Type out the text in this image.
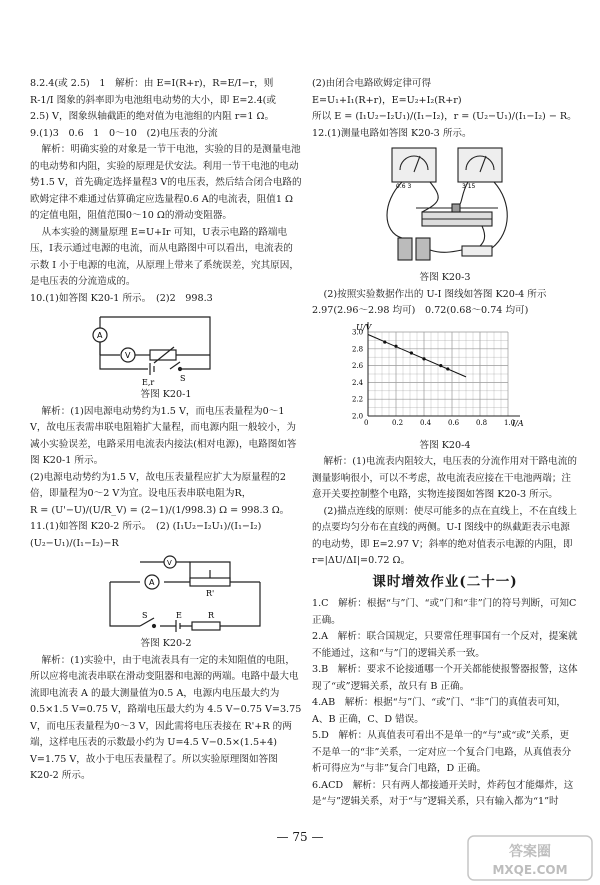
8.2.4(或 2.5)　1　解析：由 E=I(R+r)，R=E/I−r，则

R-1/I 图象的斜率即为电池组电动势的大小，即 E=2.4(或

2.5) V，图象纵轴截距的绝对值为电池组的内阻 r=1 Ω。

9.(1)3　0.6　1　0～10　(2)电压表的分流

解析：明确实验的对象是一节干电池，实验的目的是测量电池的电动势和内阻，实验的原理是伏安法。利用一节干电池的电动势1.5 V，首先确定选择量程3 V的电压表，然后结合闭合电路的欧姆定律不难通过估算确定应选量程0.6 A的电流表，阻值1 Ω的定值电阻，阻值范围0～10 Ω的滑动变阻器。

从本实验的测量原理 E=U+Ir 可知，U表示电路的路端电压，I表示通过电源的电流，而从电路图中可以看出，电流表的示数 I 小于电源的电流，从原理上带来了系统误差，究其原因，是电压表的分流造成的。

10.(1)如答图 K20-1 所示。　(2)2　998.3

A
V
E,r	S
答图 K20-1

解析：(1)因电源电动势约为1.5 V，而电压表量程为0～1 V，故电压表需串联电阻箱扩大量程，而电源内阻一般较小，为减小实验误差，电路采用电流表内接法(相对电源)，电路图如答图 K20-1 所示。

(2)电源电动势约为1.5 V，故电压表量程应扩大为原量程的2倍，即量程为0～2 V为宜。设电压表串联电阻为R，

R = (U'−U)/(U/R_V) = (2−1)/(1/998.3) Ω = 998.3 Ω。

11.(1)如答图 K20-2 所示。　(2) (I₁U₂−I₂U₁)/(I₁−I₂)　(U₂−U₁)/(I₁−I₂)−R

A
V
R'
S	E	R
答图 K20-2

解析：(1)实验中，由于电流表具有一定的未知阻值的电阻，所以应将电流表串联在滑动变阻器和电源的两端。电路中最大电流即电流表 A 的最大测量值为0.5 A，电源内电压最大约为 0.5×1.5 V=0.75 V，路端电压最大约为 4.5 V−0.75 V=3.75 V，而电压表量程为0～3 V，因此需将电压表接在 R'+R 的两端，这样电压表的示数最小约为 U=4.5 V−0.5×(1.5+4) V=1.75 V，故小于电压表量程了。所以实验原理图如答图 K20-2 所示。

(2)由闭合电路欧姆定律可得

E=U₁+I₁(R+r)，E=U₂+I₂(R+r)

所以 E = (I₁U₂−I₂U₁)/(I₁−I₂)，r = (U₂−U₁)/(I₁−I₂) − R。

12.(1)测量电路如答图 K20-3 所示。

0.6 3	3 15
答图 K20-3

(2)按照实验数据作出的 U-I 图线如答图 K20-4 所示

2.97(2.96～2.98 均可)　0.72(0.68～0.74 均可)

0	0.2 0.4 0.6 0.8 1.0
2.0
2.2
2.4
2.6
2.8
3.0
U/V
I/A
答图 K20-4

解析：(1)电流表内阻较大，电压表的分流作用对干路电流的测量影响很小，可以不考虑，故电流表应接在干电池两端；注意开关要控制整个电路，实物连接图如答图 K20-3 所示。

(2)描点连线的原则：使尽可能多的点在直线上，不在直线上的点要均匀分布在直线的两侧。U-I 图线中的纵截距表示电源的电动势，即 E=2.97 V；斜率的绝对值表示电源的内阻，即 r=|ΔU/ΔI|=0.72 Ω。

课时增效作业(二十一)

1.C　解析：根据“与”门、“或”门和“非”门的符号判断，可知C正确。

2.A　解析：联合国规定，只要常任理事国有一个反对，提案就不能通过，这和“与”门的逻辑关系一致。

3.B　解析：要求不论接通哪一个开关都能使报警器报警，这体现了“或”逻辑关系，故只有 B 正确。

4.AB　解析：根据“与”门、“或”门、“非”门的真值表可知，A、B 正确，C、D 错误。

5.D　解析：从真值表可看出不是单一的“与”或“或”关系，更不是单一的“非”关系，一定对应一个复合门电路，从真值表分析可得应为“与非”复合门电路，D 正确。

6.ACD　解析：只有两人都接通开关时，炸药包才能爆炸，这是“与”逻辑关系，对于“与”逻辑关系，只有输入都为“1”时

— 75 —
答案圈
MXQE.COM
